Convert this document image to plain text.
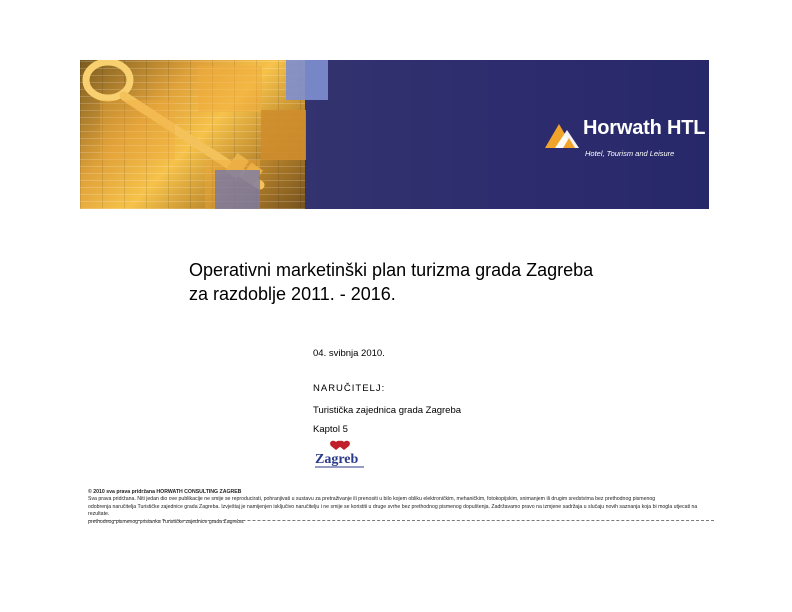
Horwath HTL
Hotel, Tourism and Leisure
Operativni marketinški plan turizma grada Zagreba
za razdoblje 2011. - 2016.
04. svibnja 2010.
NARUČITELJ:
Turistička zajednica grada Zagreba
Kaptol 5
Zagreb
© 2010 sva prava pridržana HORWATH CONSULTING ZAGREB
Sva prava pridržana. Niti jedan dio ove publikacije ne smije se reproducirati, pohranjivati u sustavu za pretraživanje ili prenositi u bilo kojem obliku elektroničkim, mehaničkim, fotokopijskim, snimanjem ili drugim sredstvima bez prethodnog pismenog
odobrenja naručitelja Turističke zajednice grada Zagreba. Izvještaj je namijenjen isključivo naručitelju i ne smije se koristiti u druge svrhe bez prethodnog pismenog dopuštenja. Zadržavamo pravo na izmjene sadržaja u slučaju novih saznanja koja bi mogla utjecati na rezultate.
prethodnog pismenog pristanka Turističke zajednice grada Zagreba.
